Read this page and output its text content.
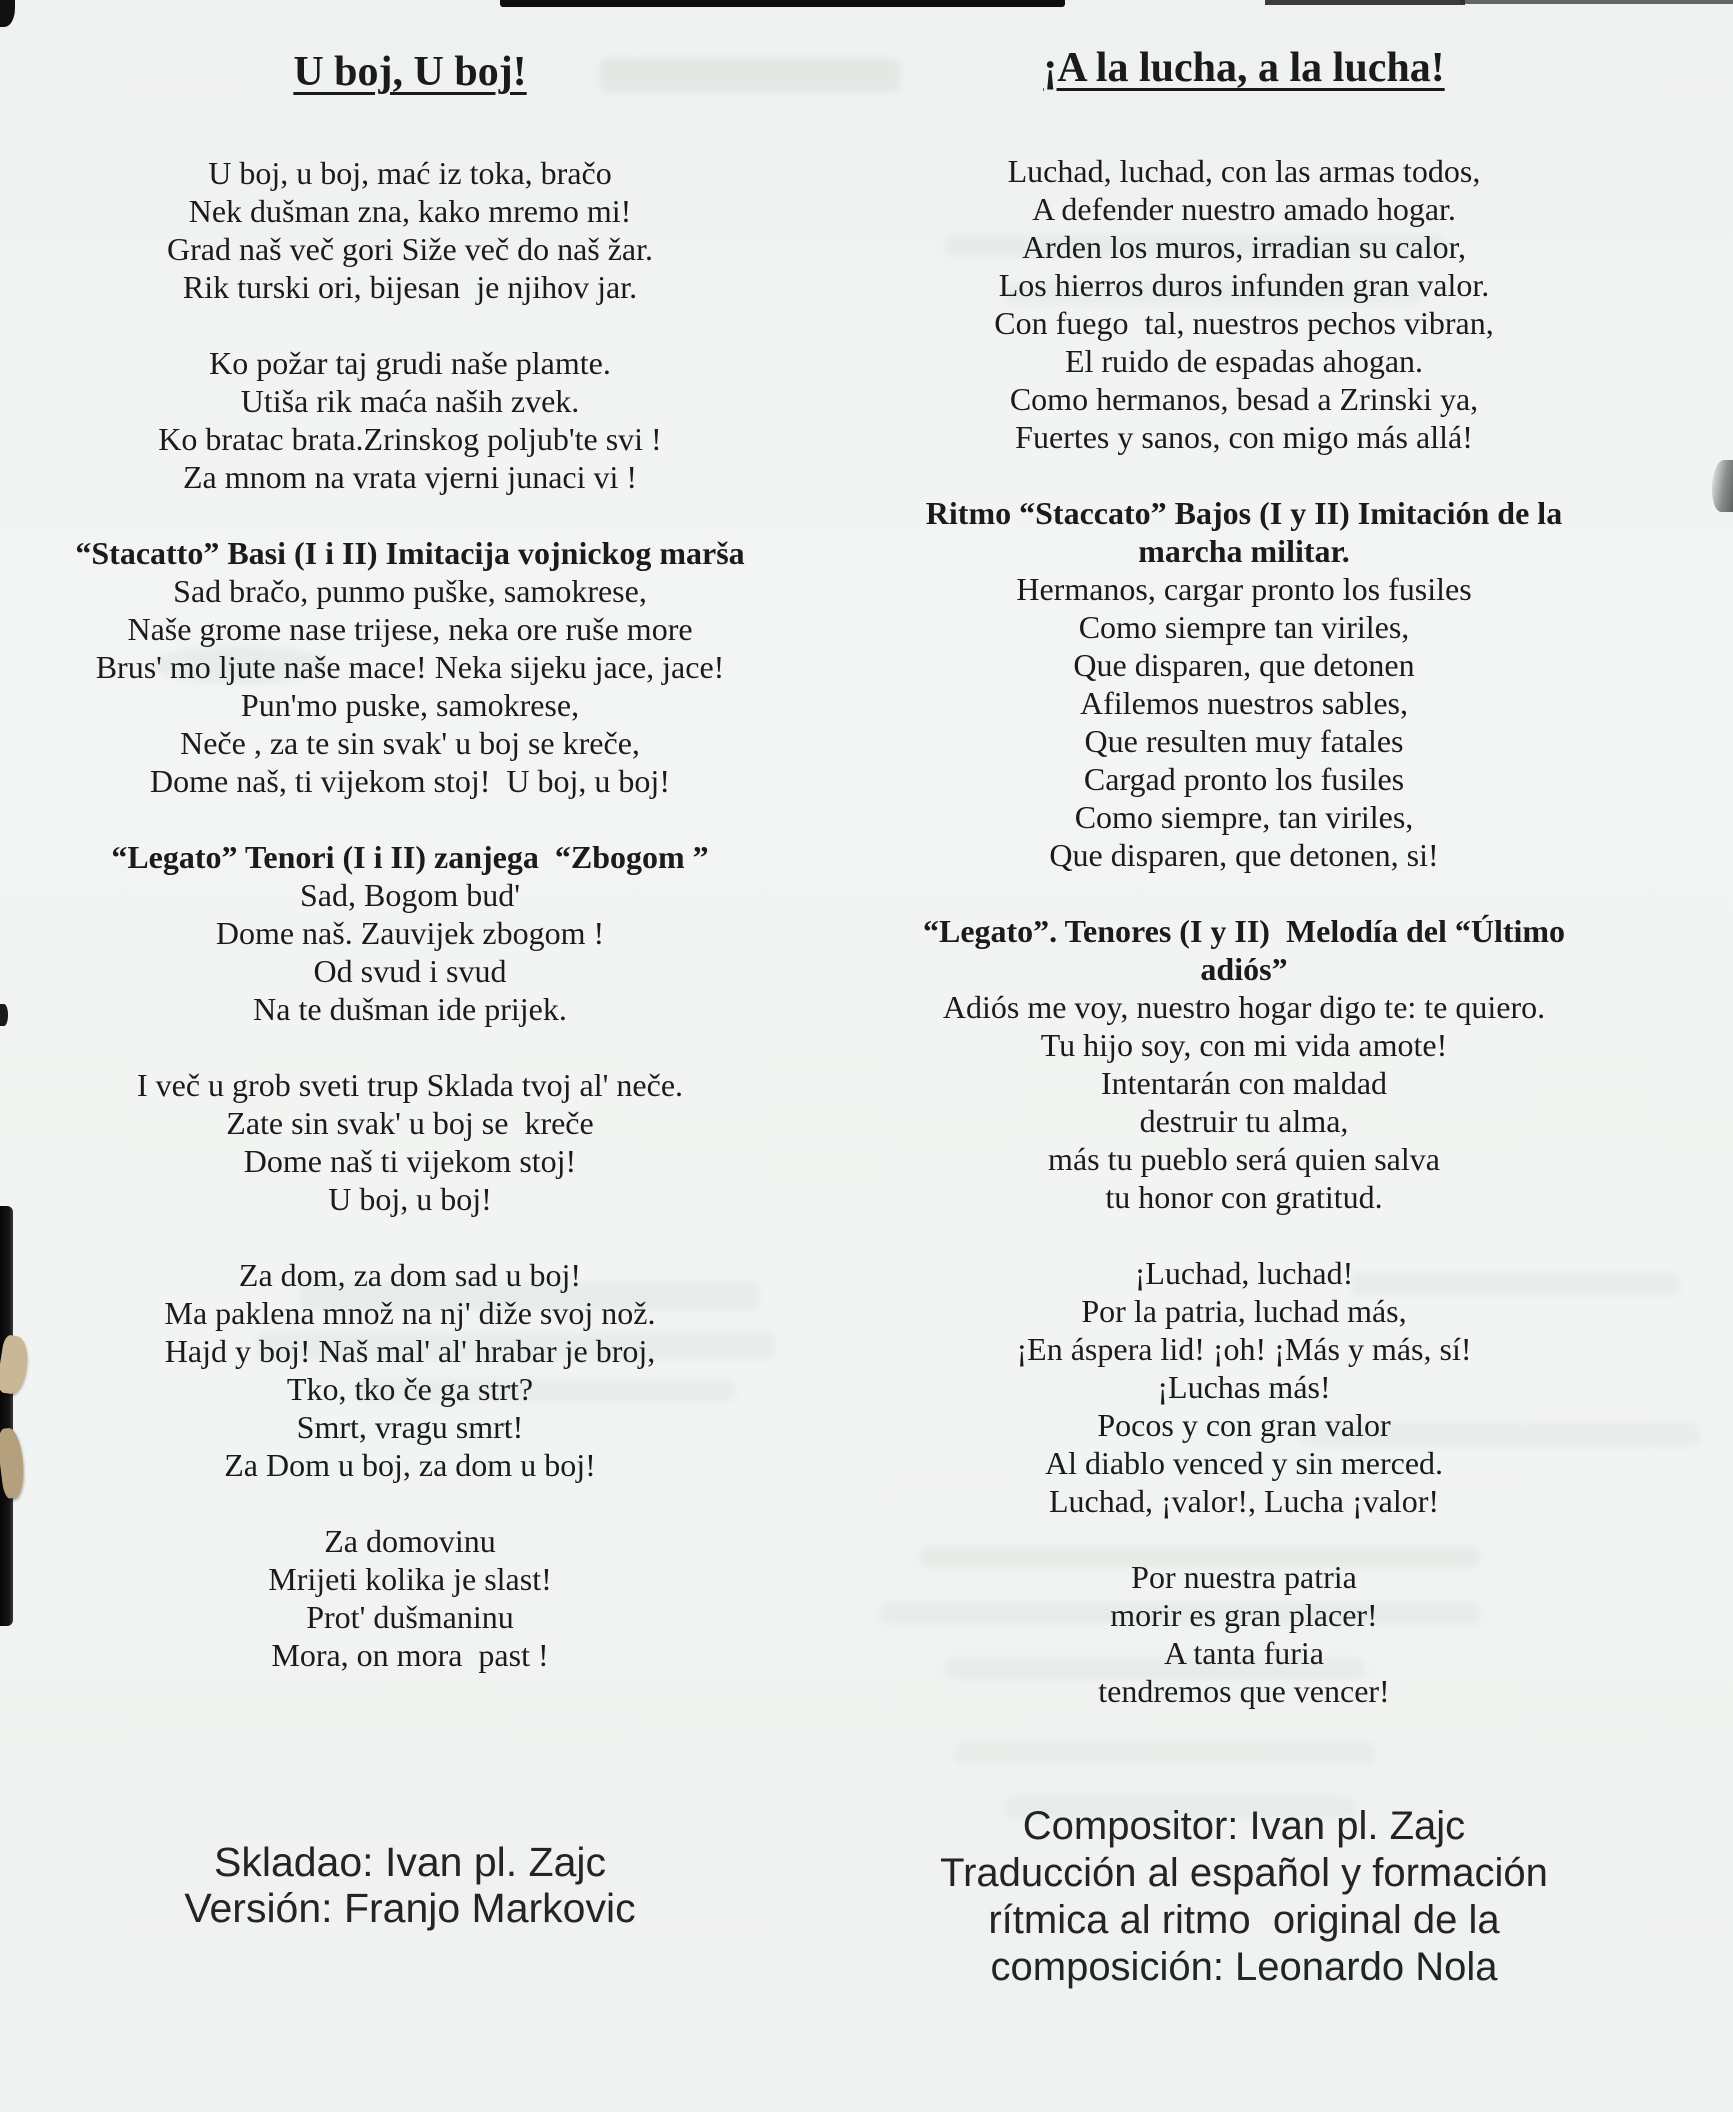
U boj, U boj!
U boj, u boj, mać iz toka, bračo
Nek dušman zna, kako mremo mi!
Grad naš več gori Siže več do naš žar.
Rik turski ori, bijesan  je njihov jar.
Ko požar taj grudi naše plamte.
Utiša rik maća naših zvek.
Ko bratac brata.Zrinskog poljub'te svi !
Za mnom na vrata vjerni junaci vi !
“Stacatto” Basi (I i II) Imitacija vojnickog marša
Sad bračo, punmo puške, samokrese,
Naše grome nase trijese, neka ore ruše more
Brus' mo ljute naše mace! Neka sijeku jace, jace!
Pun'mo puske, samokrese,
Neče , za te sin svak' u boj se kreče,
Dome naš, ti vijekom stoj!  U boj, u boj!
“Legato” Tenori (I i II) zanjega  “Zbogom ”
Sad, Bogom bud'
Dome naš. Zauvijek zbogom !
Od svud i svud
Na te dušman ide prijek.
I več u grob sveti trup Sklada tvoj al' neče.
Zate sin svak' u boj se  kreče
Dome naš ti vijekom stoj!
U boj, u boj!
Za dom, za dom sad u boj!
Ma paklena množ na nj' diže svoj nož.
Hajd y boj! Naš mal' al' hrabar je broj,
Tko, tko če ga strt?
Smrt, vragu smrt!
Za Dom u boj, za dom u boj!
Za domovinu
Mrijeti kolika je slast!
Prot' dušmaninu
Mora, on mora  past !
Skladao: Ivan pl. Zajc
Versión: Franjo Markovic
¡A la lucha, a la lucha!
Luchad, luchad, con las armas todos,
A defender nuestro amado hogar.
Arden los muros, irradian su calor,
Los hierros duros infunden gran valor.
Con fuego  tal, nuestros pechos vibran,
El ruido de espadas ahogan.
Como hermanos, besad a Zrinski ya,
Fuertes y sanos, con migo más allá!
Ritmo “Staccato” Bajos (I y II) Imitación de la marcha militar.
Hermanos, cargar pronto los fusiles
Como siempre tan viriles,
Que disparen, que detonen
Afilemos nuestros sables,
Que resulten muy fatales
Cargad pronto los fusiles
Como siempre, tan viriles,
Que disparen, que detonen, si!
“Legato”. Tenores (I y II)  Melodía del “Último adiós”
Adiós me voy, nuestro hogar digo te: te quiero.
Tu hijo soy, con mi vida amote!
Intentarán con maldad
destruir tu alma,
más tu pueblo será quien salva
tu honor con gratitud.
¡Luchad, luchad!
Por la patria, luchad más,
¡En áspera lid! ¡oh! ¡Más y más, sí!
¡Luchas más!
Pocos y con gran valor
Al diablo venced y sin merced.
Luchad, ¡valor!, Lucha ¡valor!
Por nuestra patria
morir es gran placer!
A tanta furia
tendremos que vencer!
Compositor: Ivan pl. Zajc
Traducción al español y formación
rítmica al ritmo  original de la
composición: Leonardo Nola
